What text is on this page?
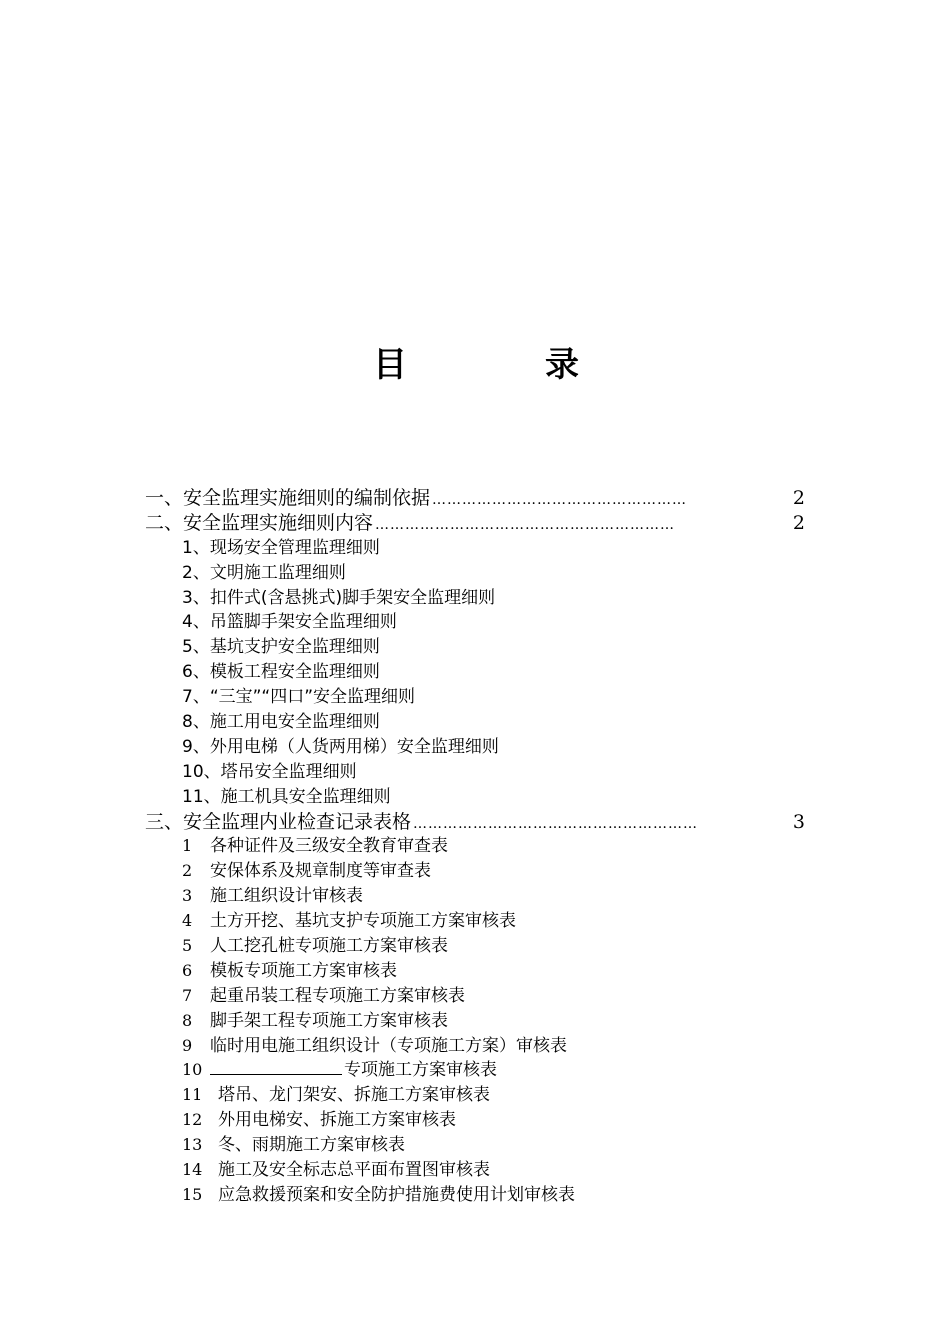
目	录
一、安全监理实施细则的编制依据 ……………………………………………	2
二、安全监理实施细则内容 ……………………………………………………	2
1、现场安全管理监理细则
2、文明施工监理细则
3、扣件式(含悬挑式)脚手架安全监理细则
4、吊篮脚手架安全监理细则
5、基坑支护安全监理细则
6、模板工程安全监理细则
7、“三宝”“四口”安全监理细则
8、施工用电安全监理细则
9、外用电梯（人货两用梯）安全监理细则
10、塔吊安全监理细则
11、施工机具安全监理细则
三、安全监理内业检查记录表格 …………………………………………………	3
1 各种证件及三级安全教育审查表
2 安保体系及规章制度等审查表
3 施工组织设计审核表
4 土方开挖、基坑支护专项施工方案审核表
5 人工挖孔桩专项施工方案审核表
6 模板专项施工方案审核表
7 起重吊装工程专项施工方案审核表
8 脚手架工程专项施工方案审核表
9 临时用电施工组织设计（专项施工方案）审核表
10	专项施工方案审核表
11 塔吊、龙门架安、拆施工方案审核表
12 外用电梯安、拆施工方案审核表
13 冬、雨期施工方案审核表
14 施工及安全标志总平面布置图审核表
15 应急救援预案和安全防护措施费使用计划审核表
